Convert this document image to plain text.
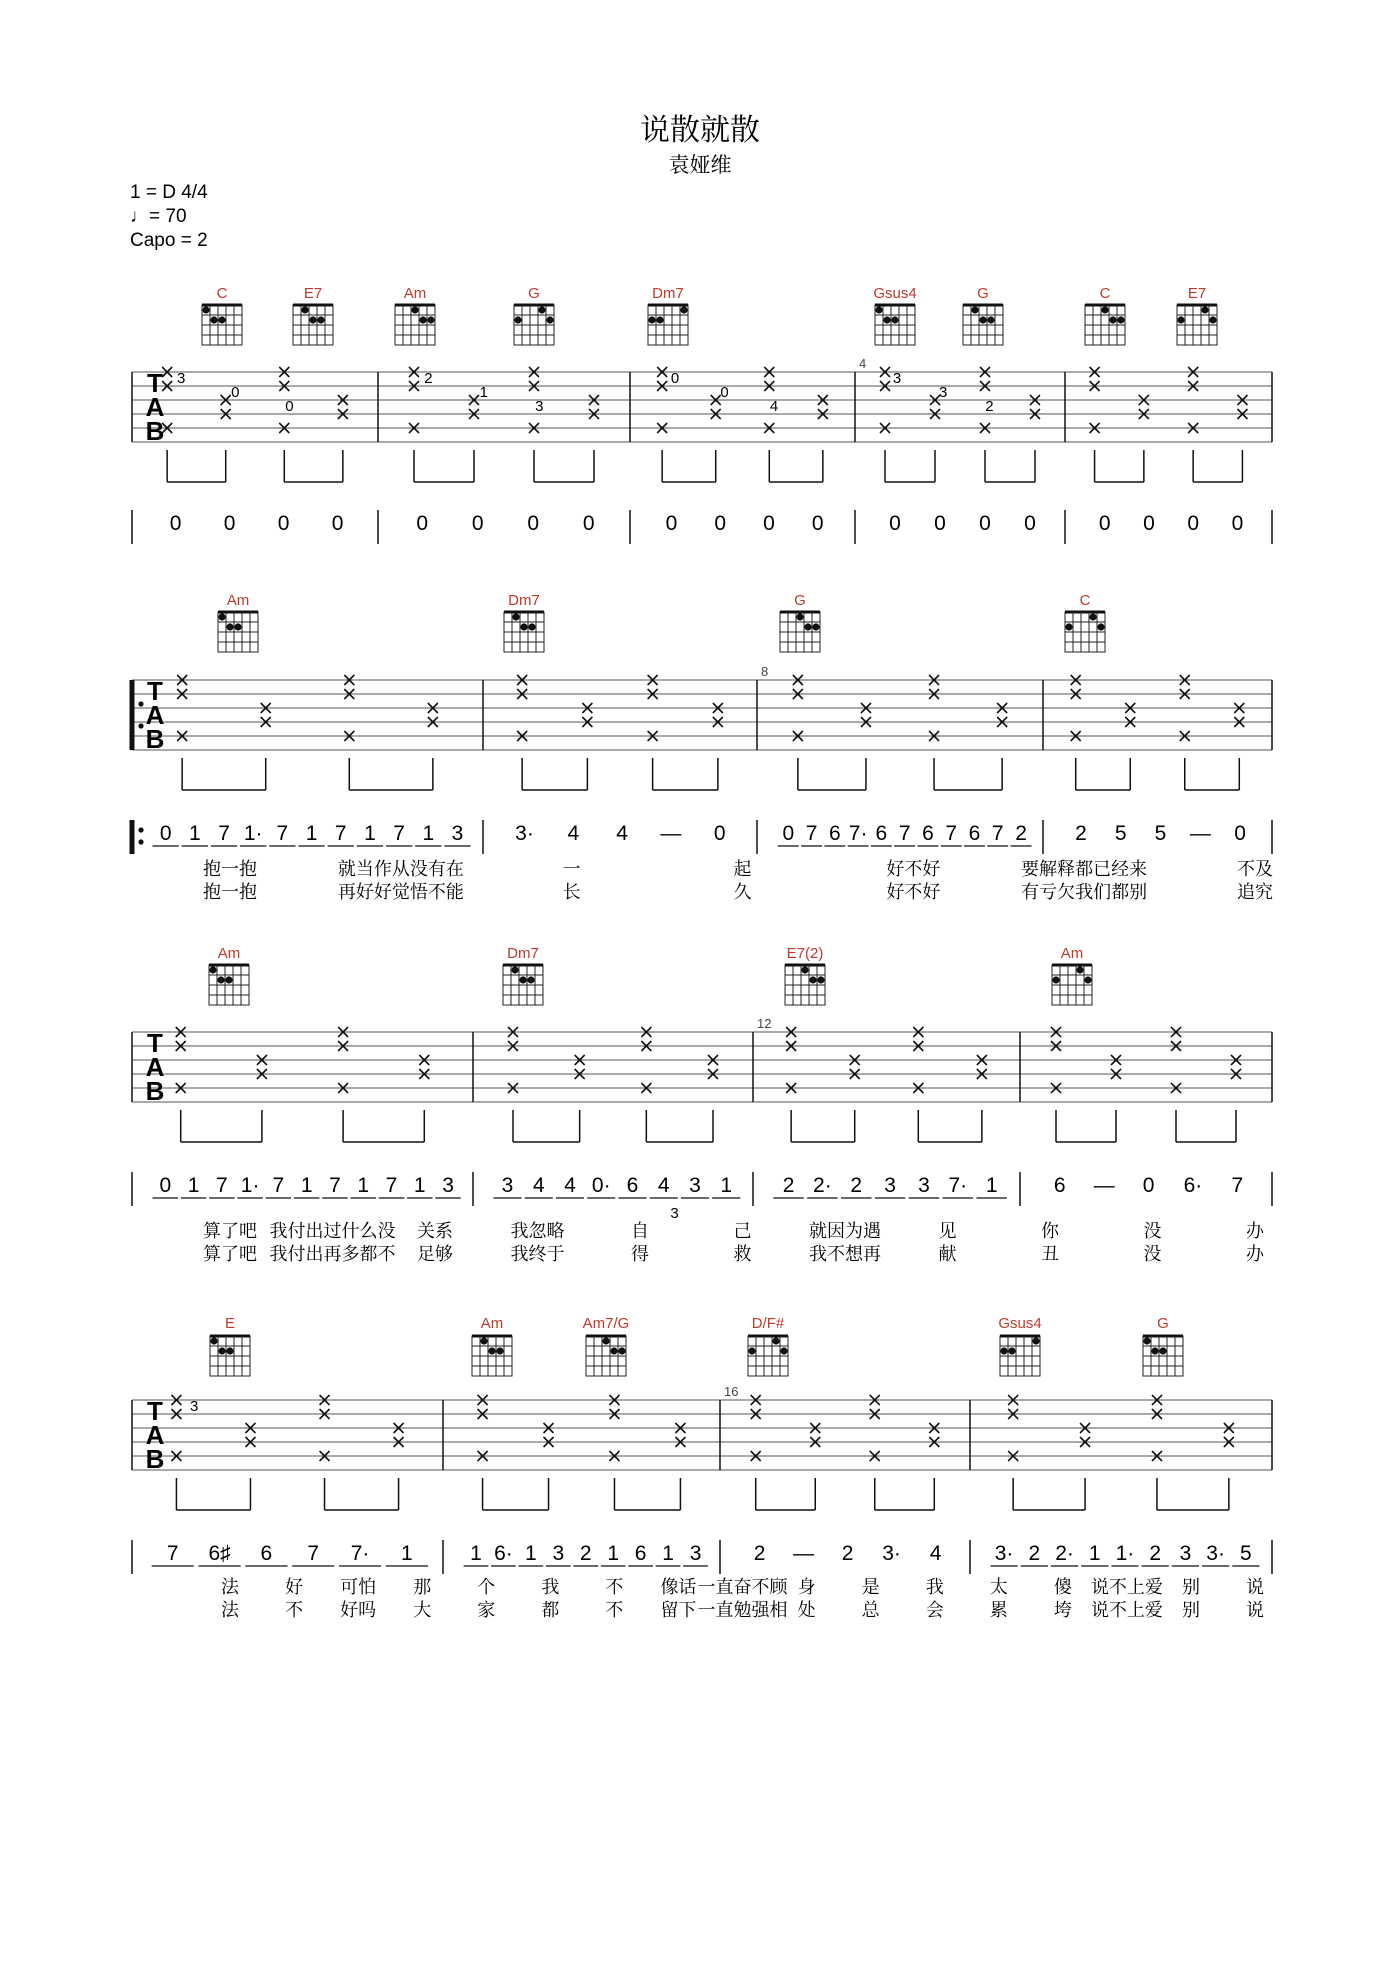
说散就散
袁娅维
1 = D 4/4
♩= 70
Capo = 2
C	E7	Am	G	Dm7	Gsus4	G	C	E7
T
A
B
4
3
0
0
2
1
3
0
0
4
3
3
2
0 0 0 0	0 0 0 0	0 0 0 0	0 0 0 0	0 0 0 0
Am	Dm7	G	C
T
A
B
8
0 1 7 1· 7 1 7 1 7 1 3 3· 4 4 — 0	0 7 6 7· 6 7 6 7 6 7 2 2 5 5 — 0
抱一抱	就当作从没有在	一	起	好不好	要解释都已经来	不及
抱一抱	再好好觉悟不能	长	久	好不好	有亏欠我们都别	追究
Am	Dm7	E7(2)	Am
T
A
B
12
0 1 7 1· 7 1 7 1 7 1 3 3 4 4 0· 6 4 3 1 2 2· 2 3 3 7· 1	6 — 0 6· 7
3
算了吧 我付出过什么没 关系	我忽略	自	己	就因为遇	见	你	没	办
算了吧 我付出再多都不 足够	我终于	得	救	我不想再	献	丑	没	办
E	Am	Am7/G	D/F#	Gsus4	G
T
A
B
16
3
7 6♯ 6 7 7· 1	1 6· 1 3 2 1 6 1 3 2 — 2 3· 4	3· 2 2· 1 1· 2 3 3· 5
法	好 可怕 那	个	我	不 像话 一直奋不顾 身	是	我	太	傻 说不上爱 别	说
法	不 好吗 大	家	都	不 留下 一直勉强相 处	总	会	累	垮 说不上爱 别	说
